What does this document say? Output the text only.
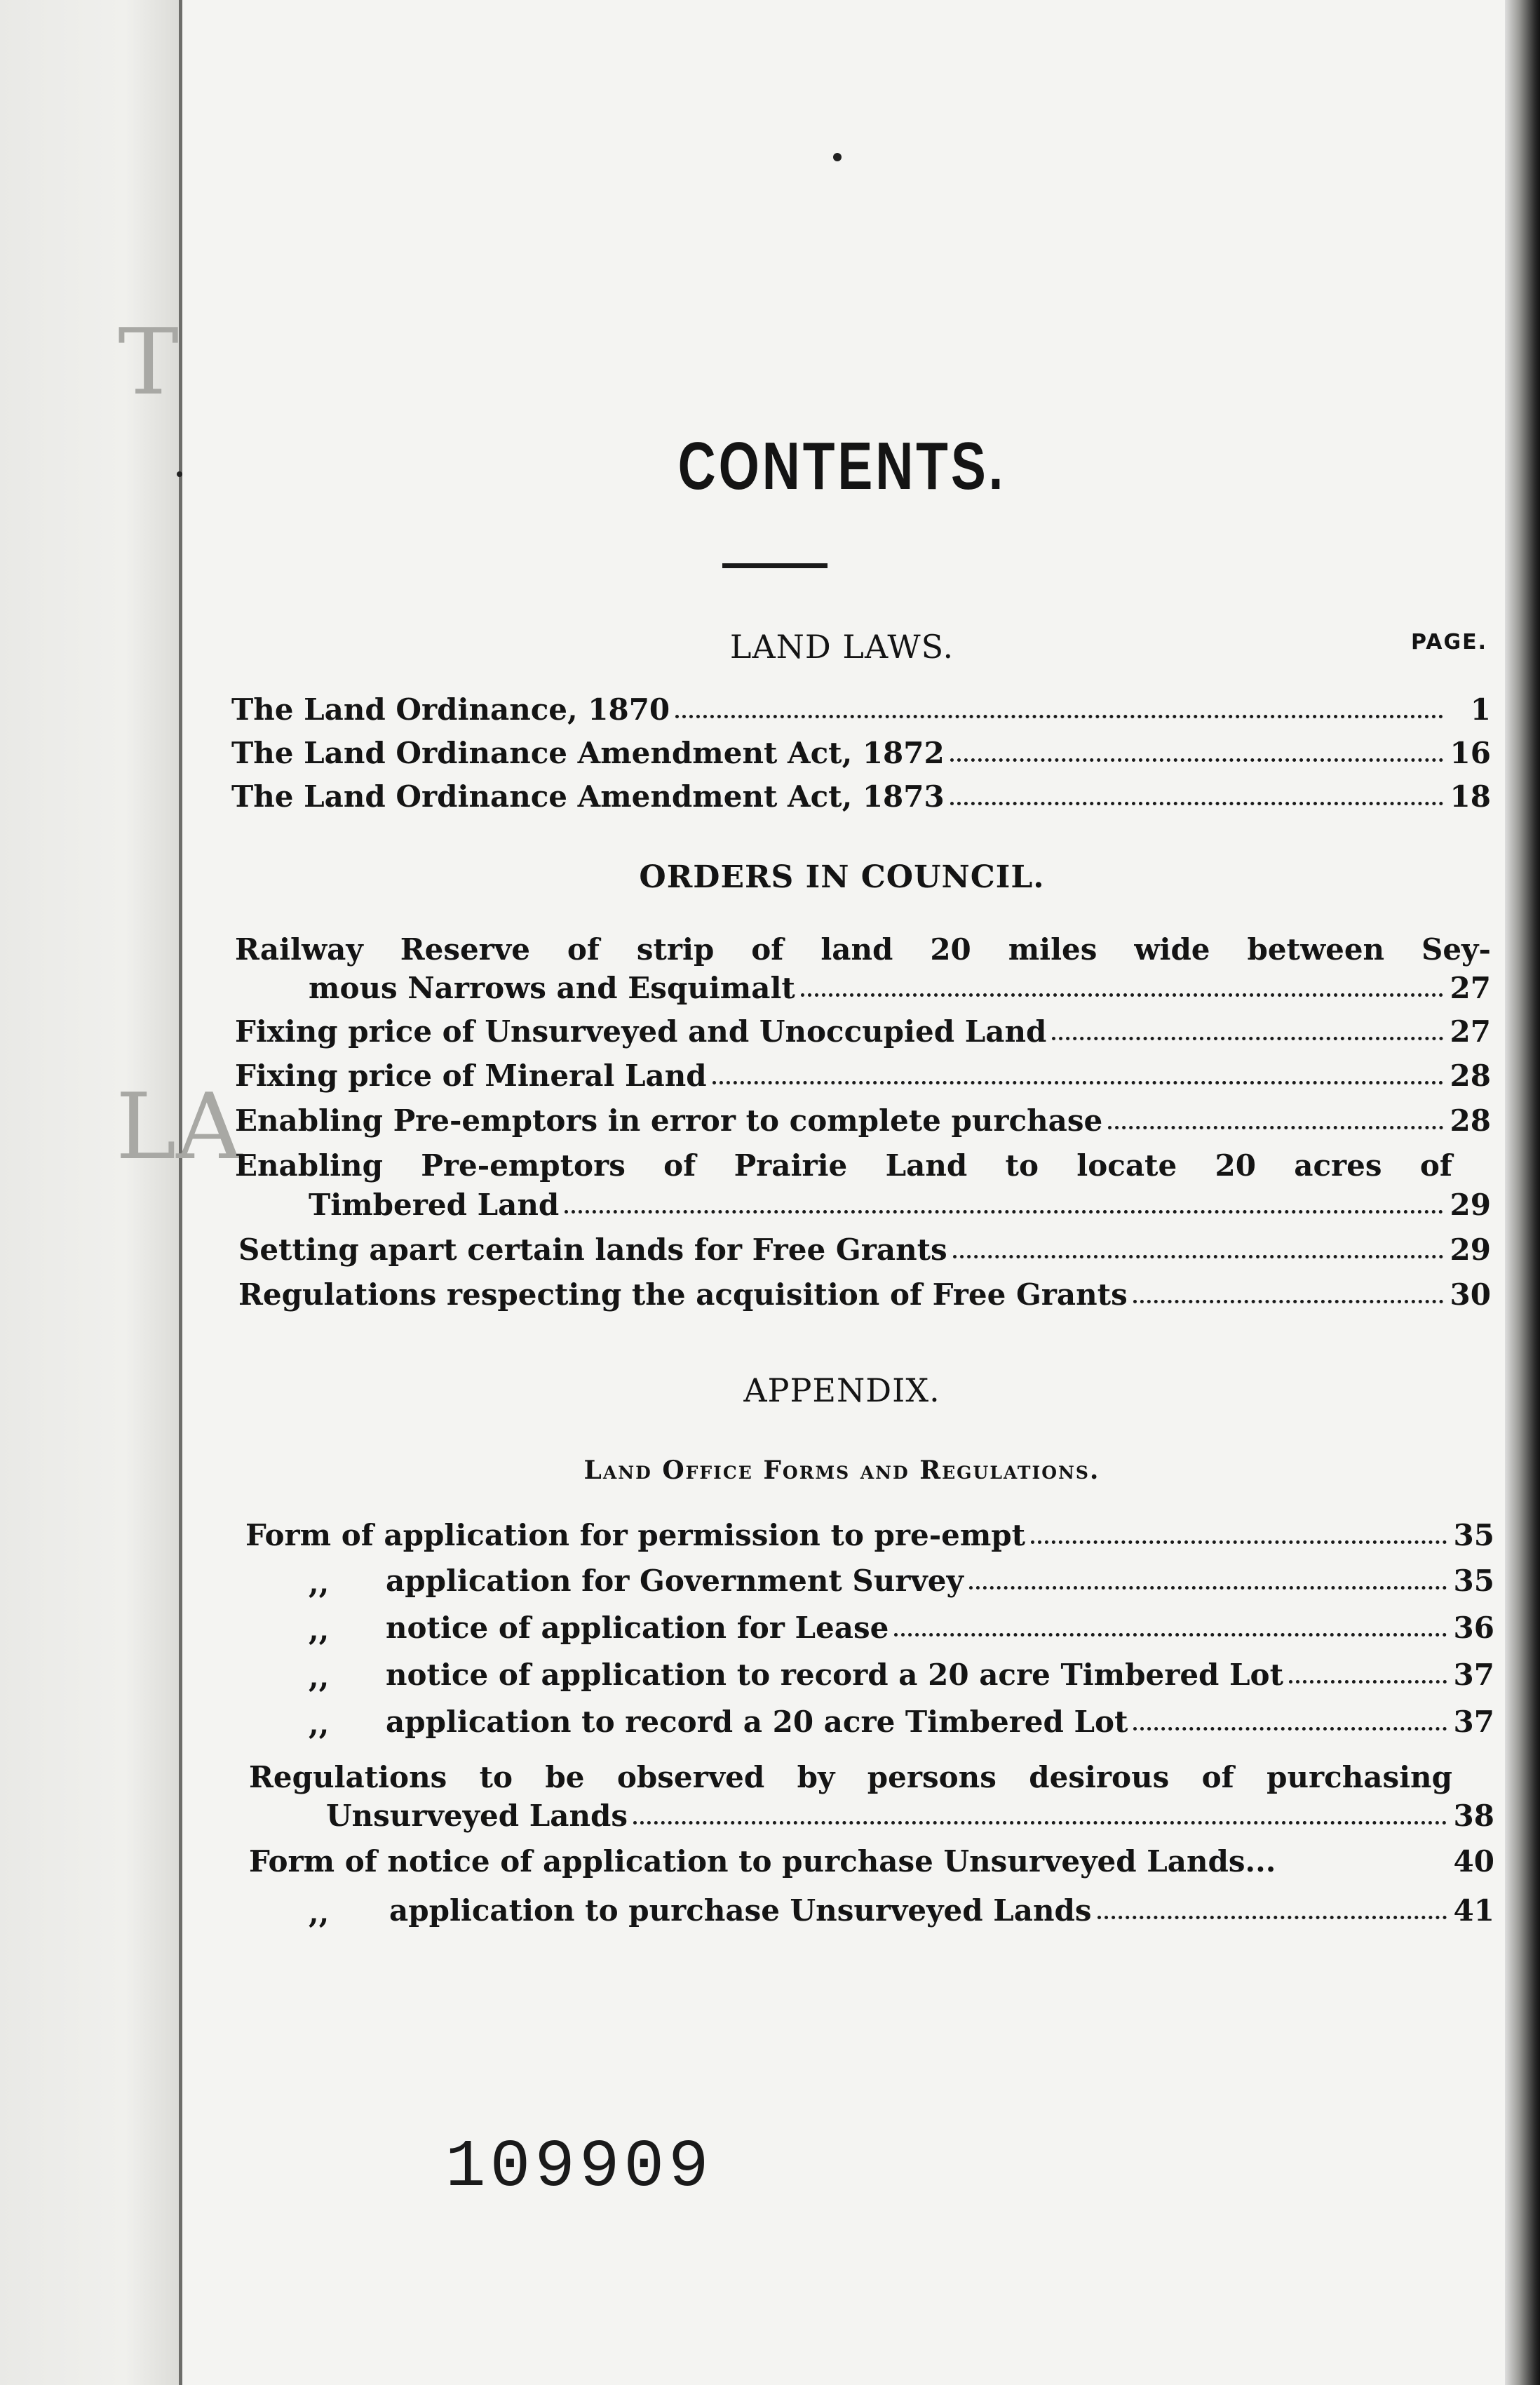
T
LA
CONTENTS.
LAND LAWS.	PAGE.
The Land Ordinance, 1870	1
The Land Ordinance Amendment Act, 1872	16
The Land Ordinance Amendment Act, 1873	18
ORDERS IN COUNCIL.
Railway Reserve of strip of land 20 miles wide between Sey-
mous Narrows and Esquimalt	27
Fixing price of Unsurveyed and Unoccupied Land	27
Fixing price of Mineral Land	28
Enabling Pre-emptors in error to complete purchase	28
Enabling Pre-emptors of Prairie Land to locate 20 acres of
Timbered Land	29
Setting apart certain lands for Free Grants	29
Regulations respecting the acquisition of Free Grants	30
APPENDIX.
Land Office Forms and Regulations.
Form of application for permission to pre-empt	35
,, application for Government Survey	35
,, notice of application for Lease	36
,, notice of application to record a 20 acre Timbered Lot	37
,, application to record a 20 acre Timbered Lot	37
Regulations to be observed by persons desirous of purchasing
Unsurveyed Lands	38
Form of notice of application to purchase Unsurveyed Lands...	40
,, application to purchase Unsurveyed Lands	41
109909
